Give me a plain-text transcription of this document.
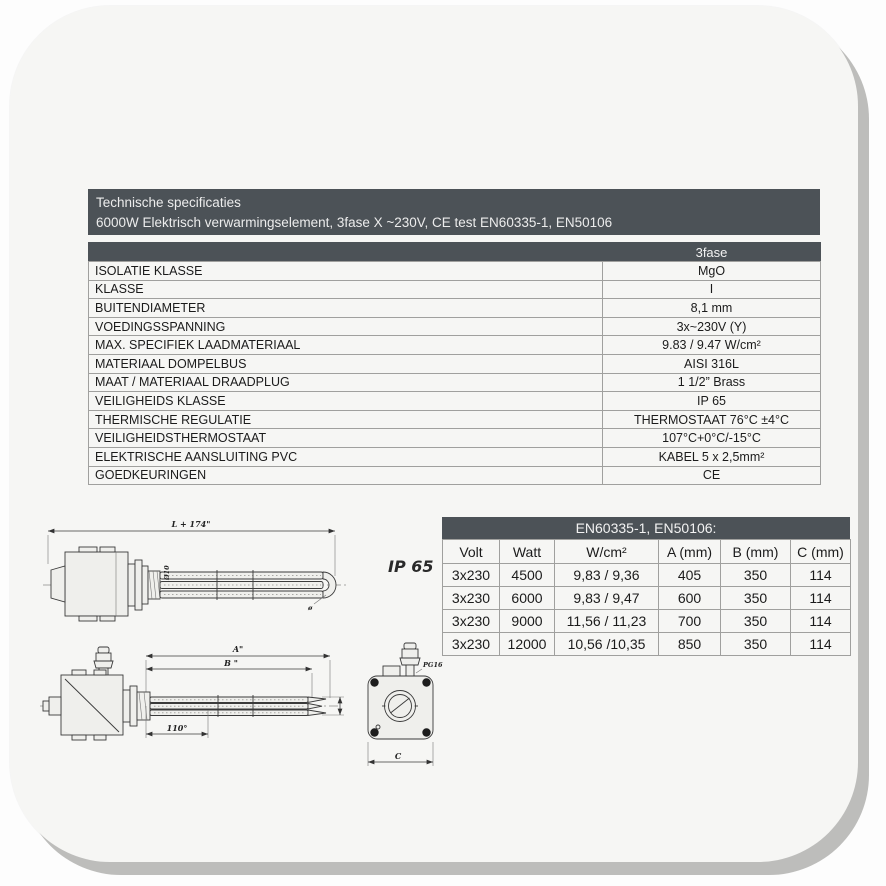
Technische specificaties
6000W Elektrisch verwarmingselement, 3fase X ~230V, CE test EN60335-1, EN50106
	3fase
ISOLATIE KLASSE	MgO
KLASSE	I
BUITENDIAMETER	8,1 mm
VOEDINGSSPANNING	3x~230V (Y)
MAX. SPECIFIEK LAADMATERIAAL	9.83 / 9.47 W/cm²
MATERIAAL DOMPELBUS	AISI 316L
MAAT / MATERIAAL DRAADPLUG	1 1/2” Brass
VEILIGHEIDS KLASSE	IP 65
THERMISCHE REGULATIE	THERMOSTAAT 76°C ±4°C
VEILIGHEIDSTHERMOSTAAT	107°C+0°C/-15°C
ELEKTRISCHE AANSLUITING PVC	KABEL 5 x 2,5mm²
GOEDKEURINGEN	CE
EN60335-1, EN50106:
Volt	Watt	W/cm²	A (mm)	B (mm)	C (mm)
3x230	4500	9,83 / 9,36	405	350	114
3x230	6000	9,83 / 9,47	600	350	114
3x230	9000	11,56 / 11,23	700	350	114
3x230	12000	10,56 /10,35	850	350	114
L + 174"
Ø10
ø
IP 65
A"
B "
110°
PG16
C
